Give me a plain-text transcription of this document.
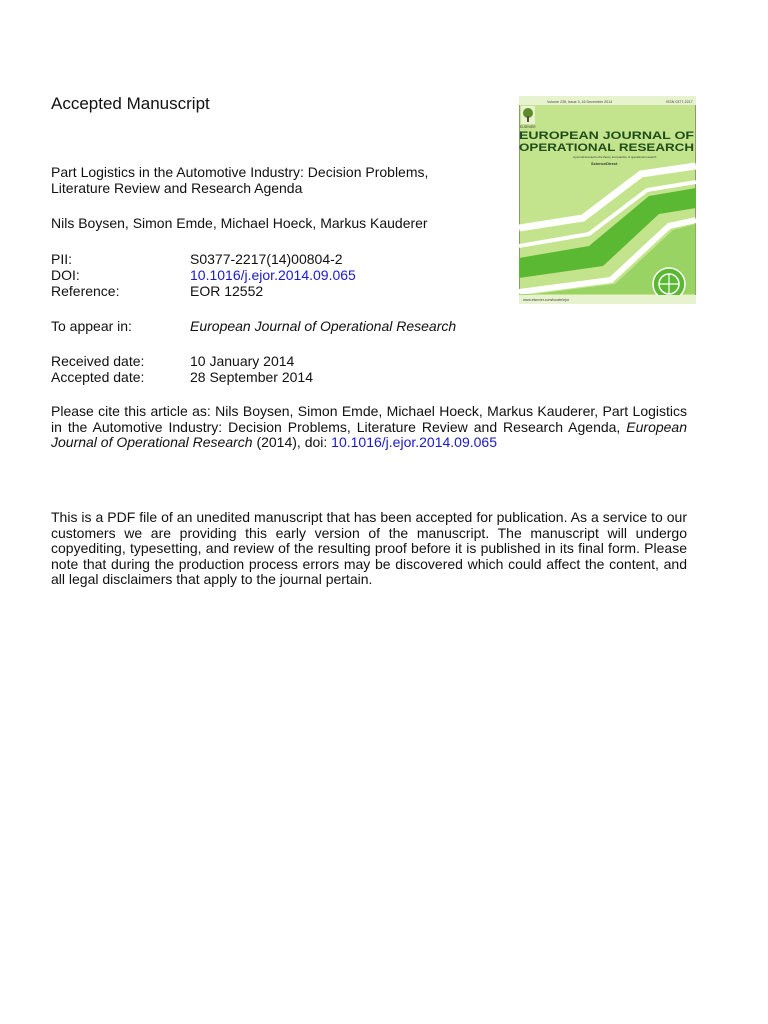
Accepted Manuscript
Part Logistics in the Automotive Industry: Decision Problems,
Literature Review and Research Agenda
Nils Boysen, Simon Emde, Michael Hoeck, Markus Kauderer
PII:	S0377-2217(14)00804-2
DOI:	10.1016/j.ejor.2014.09.065
Reference:	EOR 12552
To appear in:	European Journal of Operational Research
Received date:	10 January 2014
Accepted date:	28 September 2014
Please cite this article as: Nils Boysen, Simon Emde, Michael Hoeck, Markus Kauderer, Part Logistics in the Automotive Industry: Decision Problems, Literature Review and Research Agenda, European Journal of Operational Research (2014), doi: 10.1016/j.ejor.2014.09.065
This is a PDF file of an unedited manuscript that has been accepted for publication. As a service to our customers we are providing this early version of the manuscript. The manuscript will undergo copyediting, typesetting, and review of the resulting proof before it is published in its final form. Please note that during the production process errors may be discovered which could affect the content, and all legal disclaimers that apply to the journal pertain.
Volume 238, Issue 3, 16 December 2014	ISSN 0377-2217
ELSEVIER
EUROPEAN JOURNAL OF
OPERATIONAL RESEARCH
A journal devoted to the theory and practice of operational research
ScienceDirect
www.elsevier.com/locate/ejor
